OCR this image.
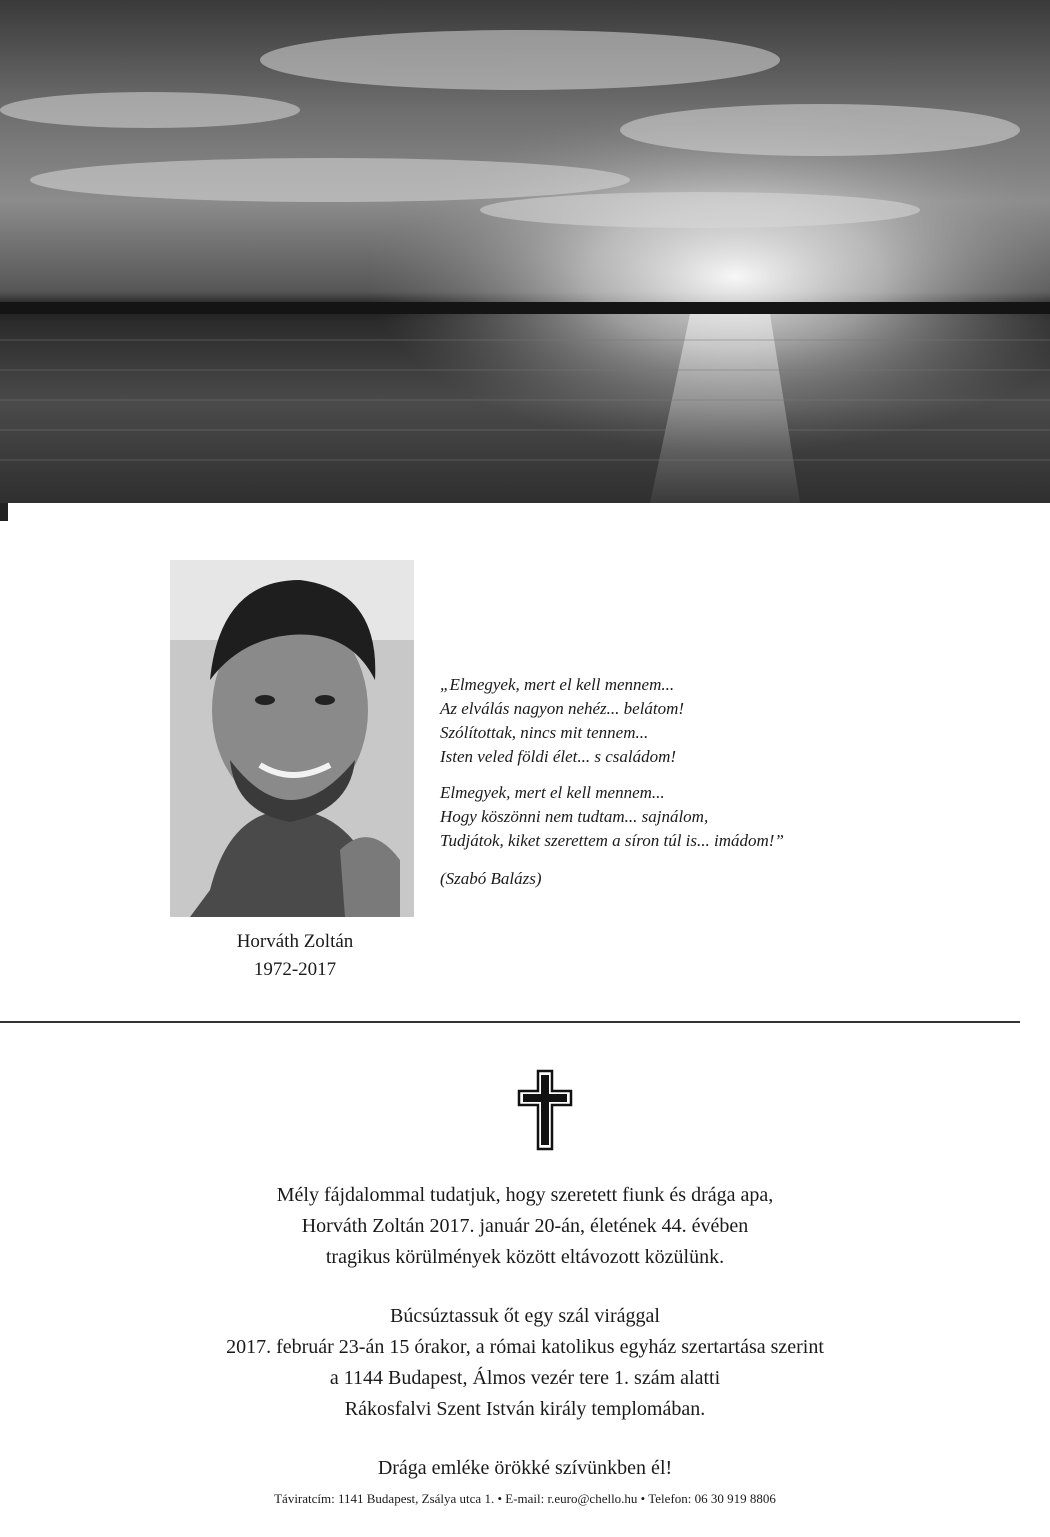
Horváth Zoltán
1972-2017

„Elmegyek, mert el kell mennem...
Az elválás nagyon nehéz... belátom!
Szólítottak, nincs mit tennem...
Isten veled földi élet... s családom!

Elmegyek, mert el kell mennem...
Hogy köszönni nem tudtam... sajnálom,
Tudjátok, kiket szerettem a síron túl is... imádom!”

(Szabó Balázs)
Mély fájdalommal tudatjuk, hogy szeretett fiunk és drága apa,
Horváth Zoltán 2017. január 20-án, életének 44. évében
tragikus körülmények között eltávozott közülünk.
Búcsúztassuk őt egy szál virággal
2017. február 23-án 15 órakor, a római katolikus egyház szertartása szerint
a 1144 Budapest, Álmos vezér tere 1. szám alatti
Rákosfalvi Szent István király templomában.
Drága emléke örökké szívünkben él!
Táviratcím: 1141 Budapest, Zsálya utca 1. • E-mail: r.euro@chello.hu • Telefon: 06 30 919 8806
